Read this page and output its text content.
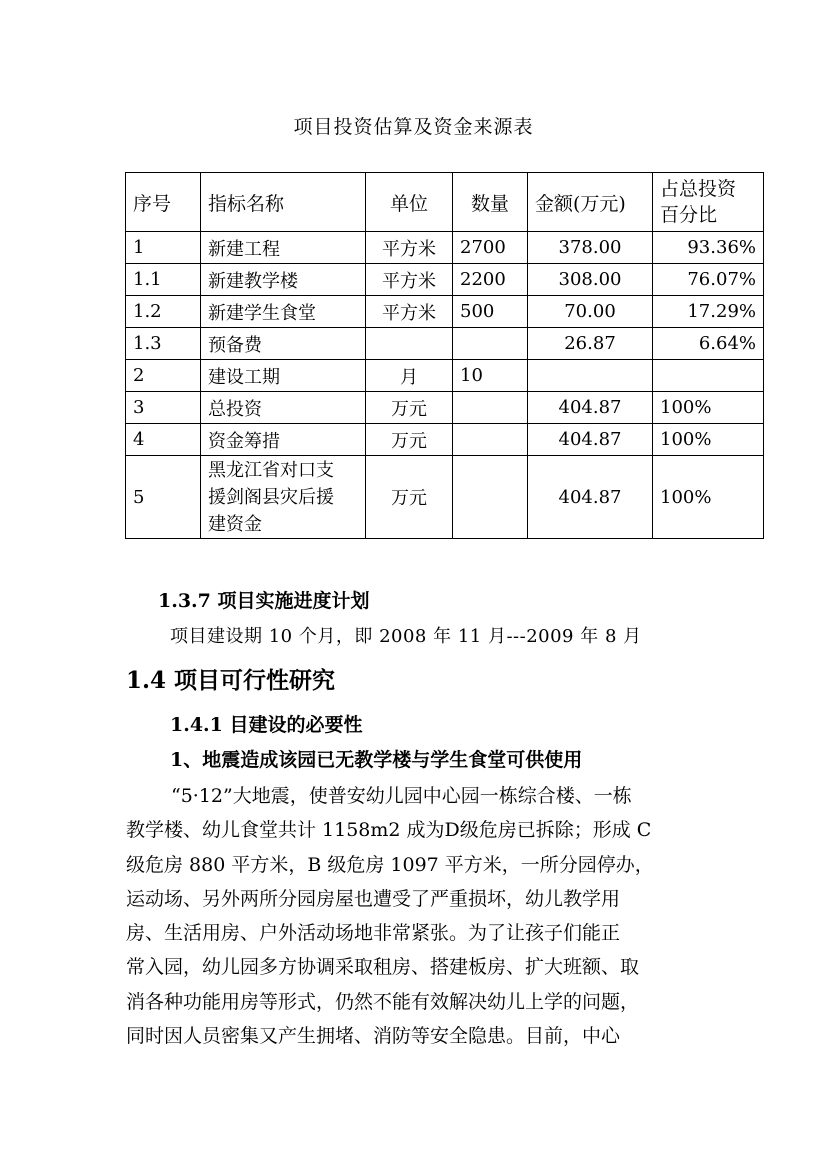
项目投资估算及资金来源表
序号	指标名称	单位	数量	金额(万元)	占总投资
百分比
1	新建工程	平方米	2700	378.00	93.36%
1.1	新建教学楼	平方米	2200	308.00	76.07%
1.2	新建学生食堂	平方米	500	70.00	17.29%
1.3	预备费			26.87	6.64%
2	建设工期	月	10		
3	总投资	万元		404.87	100%
4	资金筹措	万元		404.87	100%
5	黑龙江省对口支
援剑阁县灾后援
建资金	万元		404.87	100%
1.3.7 项目实施进度计划
项目建设期 10 个月，即 2008 年 11 月---2009 年 8 月
1.4 项目可行性研究
1.4.1 目建设的必要性
1、地震造成该园已无教学楼与学生食堂可供使用
“5·12”大地震，使普安幼儿园中心园一栋综合楼、一栋
教学楼、幼儿食堂共计 1158m2 成为D级危房已拆除；形成 C
级危房 880 平方米，B 级危房 1097 平方米，一所分园停办，
运动场、另外两所分园房屋也遭受了严重损坏，幼儿教学用
房、生活用房、户外活动场地非常紧张。为了让孩子们能正
常入园，幼儿园多方协调采取租房、搭建板房、扩大班额、取
消各种功能用房等形式，仍然不能有效解决幼儿上学的问题，
同时因人员密集又产生拥堵、消防等安全隐患。目前，中心
